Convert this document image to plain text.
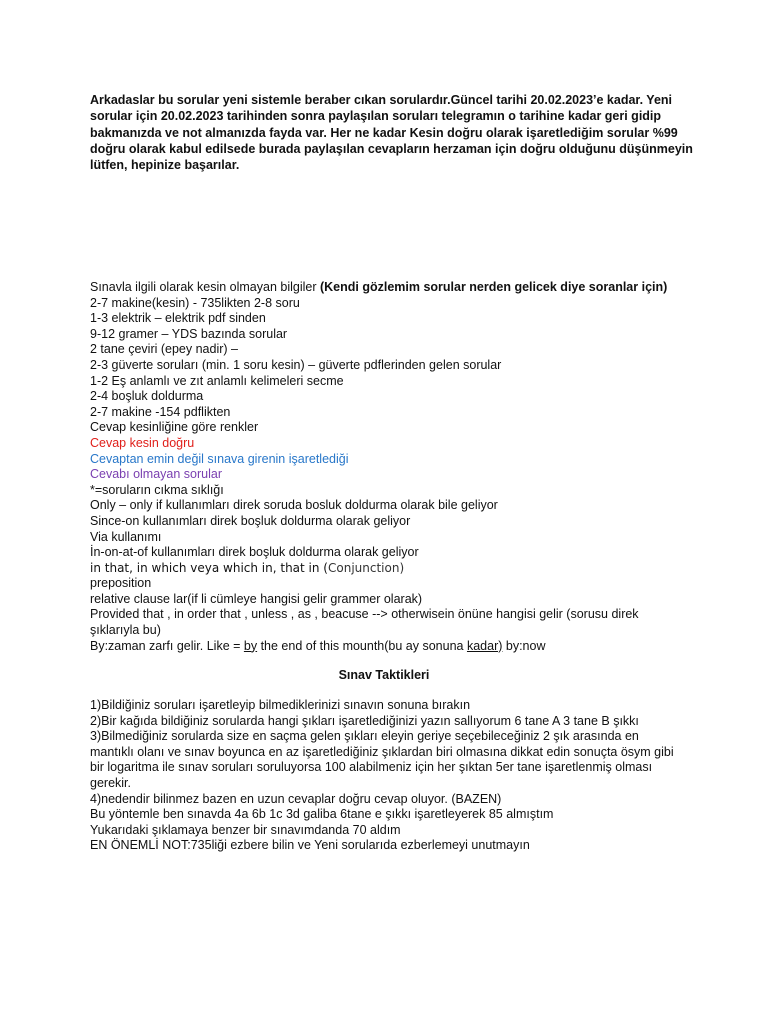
Arkadaslar bu sorular yeni sistemle beraber cıkan sorulardır.Güncel tarihi 20.02.2023’e kadar. Yeni
sorular için 20.02.2023 tarihinden sonra paylaşılan soruları telegramın o tarihine kadar geri gidip
bakmanızda ve not almanızda fayda var. Her ne kadar Kesin doğru olarak işaretlediğim sorular %99
doğru olarak kabul edilsede burada paylaşılan cevapların herzaman için doğru olduğunu düşünmeyin
lütfen, hepinize başarılar.
Sınavla ilgili olarak kesin olmayan bilgiler (Kendi gözlemim sorular nerden gelicek diye soranlar için)
2-7 makine(kesin) - 735likten 2-8 soru
1-3 elektrik – elektrik pdf sinden
9-12 gramer – YDS bazında sorular
2 tane çeviri (epey nadir) –
2-3 güverte soruları (min. 1 soru kesin) – güverte pdflerinden gelen sorular
1-2 Eş anlamlı ve zıt anlamlı kelimeleri secme
2-4 boşluk doldurma
2-7 makine -154 pdflikten
Cevap kesinliğine göre renkler
Cevap kesin doğru
Cevaptan emin değil sınava girenin işaretlediği
Cevabı olmayan sorular
*=soruların cıkma sıklığı
Only – only if kullanımları direk soruda bosluk doldurma olarak bile geliyor
Since-on kullanımları direk boşluk doldurma olarak geliyor
Via kullanımı
İn-on-at-of kullanımları direk boşluk doldurma olarak geliyor
in that, in which veya which in, that in (Conjunction)
preposition
relative clause lar(if li cümleye hangisi gelir grammer olarak)
Provided that , in order that , unless , as , beacuse --> otherwisein önüne hangisi gelir (sorusu direk
şıklarıyla bu)
By:zaman zarfı gelir. Like = by the end of this mounth(bu ay sonuna kadar) by:now
Sınav Taktikleri
1)Bildiğiniz soruları işaretleyip bilmediklerinizi sınavın sonuna bırakın
2)Bir kağıda bildiğiniz sorularda hangi şıkları işaretlediğinizi yazın sallıyorum 6 tane A 3 tane B şıkkı
3)Bilmediğiniz sorularda size en saçma gelen şıkları eleyin geriye seçebileceğiniz 2 şık arasında en
mantıklı olanı ve sınav boyunca en az işaretlediğiniz şıklardan biri olmasına dikkat edin sonuçta ösym gibi
bir logaritma ile sınav soruları soruluyorsa 100 alabilmeniz için her şıktan 5er tane işaretlenmiş olması
gerekir.
4)nedendir bilinmez bazen en uzun cevaplar doğru cevap oluyor. (BAZEN)
Bu yöntemle ben sınavda 4a 6b 1c 3d galiba 6tane e şıkkı işaretleyerek 85 almıştım
Yukarıdaki şıklamaya benzer bir sınavımdanda 70 aldım
EN ÖNEMLİ NOT:735liği ezbere bilin ve Yeni sorularıda ezberlemeyi unutmayın
